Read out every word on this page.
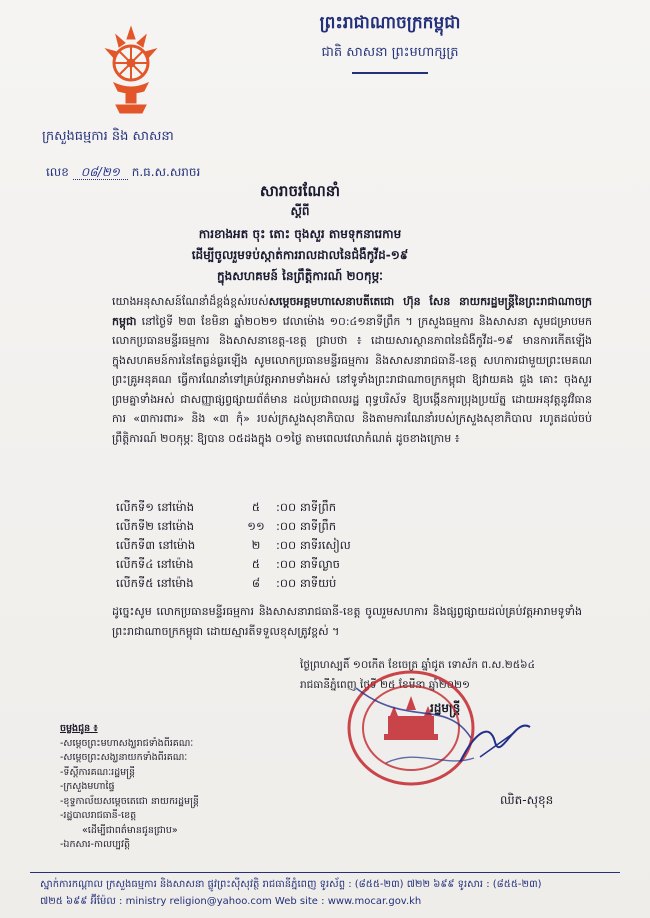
ព្រះរាជាណាចក្រកម្ពុជា
ជាតិ សាសនា ព្រះមហាក្សត្រ
ក្រសួងធម្មការ និង សាសនា
លេខ ០៨/២១ ក.ធ.ស.សរាចរ
សារាចរណែនាំ
ស្តីពី
ការខាងអត ចុះ តោះ ចុងសួរ តាមទុកនារេកាម
ដើម្បីចូលរួមទប់ស្កាត់ការរាលដាលនៃជំងឺកូវីដ-១៩
ក្នុងសហគមន៍ នៃព្រឹត្តិការណ៍ ២០កុម្ភៈ
យោងអនុសាសន៍ណែនាំដ៏ខ្ពង់ខ្ពស់របស់សម្តេចអគ្គមហាសេនាបតីតេជោ ហ៊ុន សែន នាយករដ្ឋមន្ត្រីនៃព្រះរាជាណាចក្រកម្ពុជា នៅថ្ងៃទី ២៣ ខែមិនា ឆ្នាំ២០២១ វេលាម៉ោង ១០:៤១នាទីព្រឹក ។ ក្រសួងធម្មការ និងសាសនា សូមជម្រាបមក លោកប្រធានមន្ទីរធម្មការ និងសាសនាខេត្ត-ខេត្ត ជ្រាបថា ៖ ដោយសារស្ថានភាពនៃជំងឺកូវីដ-១៩ មានការកើតឡើងក្នុងសហគមន៍ការនៃតែធ្ងន់ធ្ងរឡើង សូមលោកប្រធានមន្ទីរធម្មការ និងសាសនារាជធានី-ខេត្ត សហការជាមួយព្រះមេគណ ព្រះគ្រូអនុគណ ធ្វើការណែនាំទៅគ្រប់វត្តអារាមទាំងអស់ នៅទូទាំងព្រះរាជាណាចក្រកម្ពុជា ឱ្យវាយគង ជួង គោះ ចុងសួរ ព្រមគ្នាទាំងអស់ ជាសញ្ញាផ្សព្វផ្សាយព័ត៌មាន ដល់ប្រជាពលរដ្ឋ ពុទ្ធបរិស័ទ ឱ្យបង្កើនការប្រុងប្រយ័ត្ន ដោយអនុវត្តនូវវិធានការ «៣ការពារ» និង «៣ កុំ» របស់ក្រសួងសុខាភិបាល និងតាមការណែនាំរបស់ក្រសួងសុខាភិបាល រហូតដល់ចប់ព្រឹត្តិការណ៍ ២០កុម្ភៈ ឱ្យបាន ០៥ដងក្នុង ០១ថ្ងៃ តាមពេលវេលាកំណត់ ដូចខាងក្រោម ៖
លើកទី១ នៅម៉ោង	៥	:០០ នាទីព្រឹក
លើកទី២ នៅម៉ោង	១១ :០០ នាទីព្រឹក
លើកទី៣ នៅម៉ោង	២	:០០ នាទីរសៀល
លើកទី៤ នៅម៉ោង	៥	:០០ នាទីល្ងាច
លើកទី៥ នៅម៉ោង	៨	:០០ នាទីយប់
ដូច្នេះសូម លោកប្រធានមន្ទីរធម្មការ និងសាសនារាជធានី-ខេត្ត ចូលរួមសហការ និងផ្សព្វផ្សាយដល់គ្រប់វត្តអារាមទូទាំងព្រះរាជាណាចក្រកម្ពុជា ដោយស្មារតីទទួលខុសត្រូវខ្ពស់ ។
ថ្ងៃព្រហស្បតិ៍ ១០កើត ខែចេត្រ ឆ្នាំជូត ទោស័ក ព.ស.២៥៦៤
រាជធានីភ្នំពេញ ថ្ងៃទី ២៥ ខែមីនា ឆ្នាំ២០២១
រដ្ឋមន្ត្រី
ឈិត-សុខុន
ចម្លងជូន ៖
-សម្តេចព្រះមហាសង្ឃរាជទាំងពីរគណៈ
-សម្តេចព្រះសង្ឃនាយកទាំងពីរគណៈ
-ទីស្តីការគណៈរដ្ឋមន្ត្រី
-ក្រសួងមហាផ្ទៃ
-ខុទ្ទកាល័យសម្តេចតេជោ នាយករដ្ឋមន្ត្រី
-រដ្ឋបាលរាជធានី-ខេត្ត
«ដើម្បីជាពត៌មានជូនជ្រាប»
-ឯកសារ-កាលប្បវត្តិ
ស្នាក់ការកណ្តាល ក្រសួងធម្មការ និងសាសនា ផ្លូវព្រះស៊ីសុវត្ថិ រាជធានីភ្នំពេញ ទូរស័ព្ទ : (៨៥៥-២៣) ៧២២ ៦៩៩ ទូរសារ : (៨៥៥-២៣)
៧២៥ ៦៩៩ អ៊ីម៉ែល : ministry religion@yahoo.com Web site : www.mocar.gov.kh
